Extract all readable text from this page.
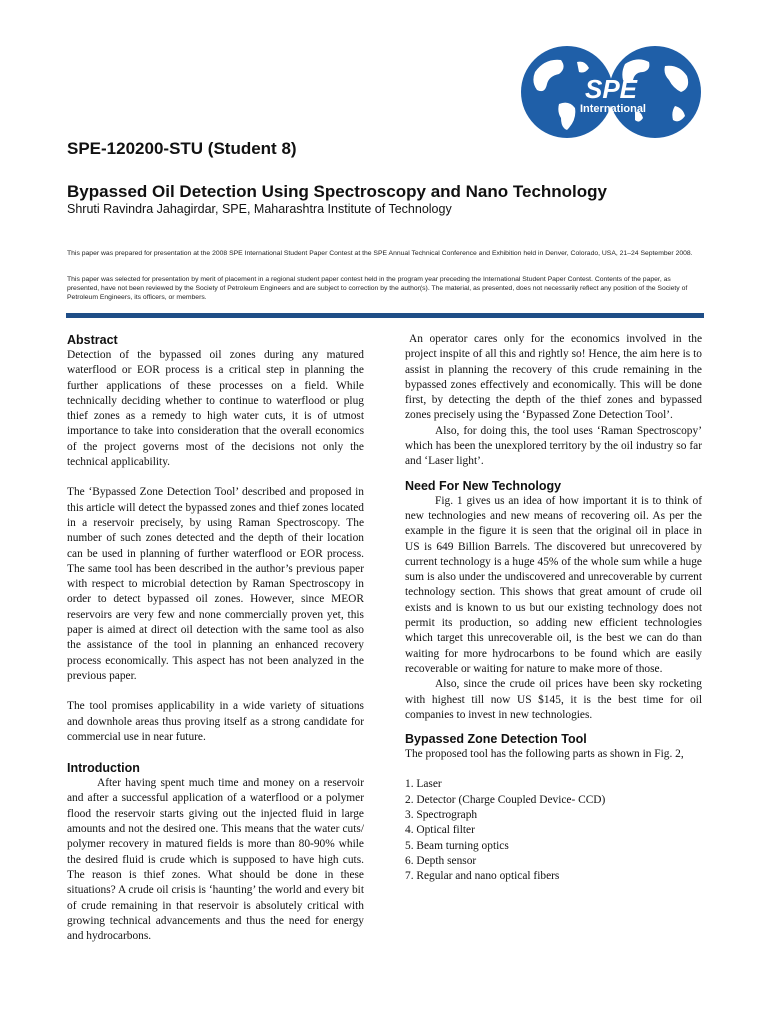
SPE
International
SPE-120200-STU (Student 8)
Bypassed Oil Detection Using Spectroscopy and Nano Technology
Shruti Ravindra Jahagirdar, SPE, Maharashtra Institute of Technology
This paper was prepared for presentation at the 2008 SPE International Student Paper Contest at the SPE Annual Technical Conference and Exhibition held in Denver, Colorado, USA, 21–24 September 2008.
This paper was selected for presentation by merit of placement in a regional student paper contest held in the program year preceding the International Student Paper Contest. Contents of the paper, as presented, have not been reviewed by the Society of Petroleum Engineers and are subject to correction by the author(s). The material, as presented, does not necessarily reflect any position of the Society of Petroleum Engineers, its officers, or members.
Abstract

Detection of the bypassed oil zones during any matured waterflood or EOR process is a critical step in planning the further applications of these processes on a field. While technically deciding whether to continue to waterflood or plug thief zones as a remedy to high water cuts, it is of utmost importance to take into consideration that the overall economics of the project governs most of the decisions not only the technical applicability.

The ‘Bypassed Zone Detection Tool’ described and proposed in this article will detect the bypassed zones and thief zones located in a reservoir precisely, by using Raman Spectroscopy. The number of such zones detected and the depth of their location can be used in planning of further waterflood or EOR process. The same tool has been described in the author’s previous paper with respect to microbial detection by Raman Spectroscopy in order to detect bypassed oil zones. However, since MEOR reservoirs are very few and none commercially proven yet, this paper is aimed at direct oil detection with the same tool as also the assistance of the tool in planning an enhanced recovery process economically. This aspect has not been analyzed in the previous paper.

The tool promises applicability in a wide variety of situations and downhole areas thus proving itself as a strong candidate for commercial use in near future.

Introduction

After having spent much time and money on a reservoir and after a successful application of a waterflood or a polymer flood the reservoir starts giving out the injected fluid in large amounts and not the desired one. This means that the water cuts/ polymer recovery in matured fields is more than 80-90% while the desired fluid is crude which is supposed to have high cuts. The reason is thief zones. What should be done in these situations? A crude oil crisis is ‘haunting’ the world and every bit of crude remaining in that reservoir is absolutely critical with growing technical advancements and thus the need for energy and hydrocarbons.

An operator cares only for the economics involved in the project inspite of all this and rightly so! Hence, the aim here is to assist in planning the recovery of this crude remaining in the bypassed zones effectively and economically. This will be done first, by detecting the depth of the thief zones and bypassed zones precisely using the ‘Bypassed Zone Detection Tool’.

Also, for doing this, the tool uses ‘Raman Spectroscopy’ which has been the unexplored territory by the oil industry so far and ‘Laser light’.

Need For New Technology

Fig. 1 gives us an idea of how important it is to think of new technologies and new means of recovering oil. As per the example in the figure it is seen that the original oil in place in US is 649 Billion Barrels. The discovered but unrecovered by current technology is a huge 45% of the whole sum while a huge sum is also under the undiscovered and unrecoverable by current technology section. This shows that great amount of crude oil exists and is known to us but our existing technology does not permit its production, so adding new efficient technologies which target this unrecoverable oil, is the best we can do than waiting for more hydrocarbons to be found which are easily recoverable or waiting for nature to make more of those.

Also, since the crude oil prices have been sky rocketing with highest till now US $145, it is the best time for oil companies to invest in new technologies.

Bypassed Zone Detection Tool

The proposed tool has the following parts as shown in Fig. 2,

1. Laser
2. Detector (Charge Coupled Device- CCD)
3. Spectrograph
4. Optical filter
5. Beam turning optics
6. Depth sensor
7. Regular and nano optical fibers
